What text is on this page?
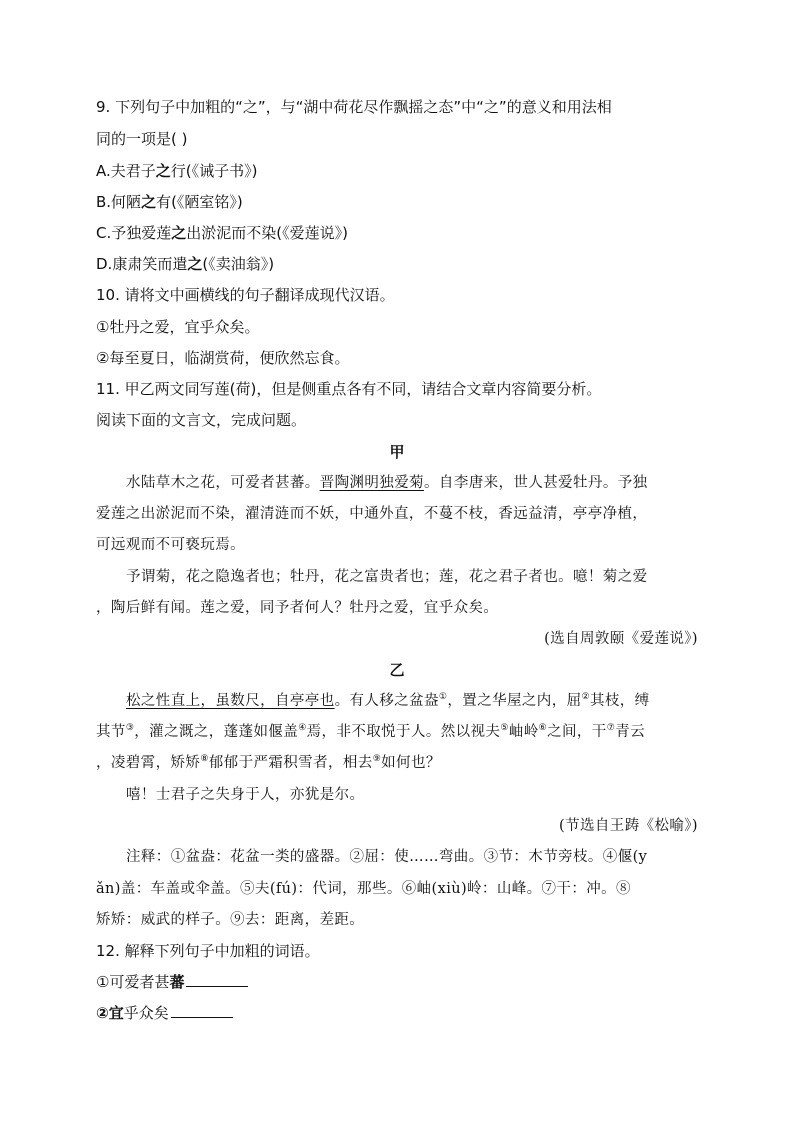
9. 下列句子中加粗的“之”，与“湖中荷花尽作飘摇之态”中“之”的意义和用法相
同的一项是( )
A.夫君子之行(《诫子书》)
B.何陋之有(《陋室铭》)
C.予独爱莲之出淤泥而不染(《爱莲说》)
D.康肃笑而遣之(《卖油翁》)
10. 请将文中画横线的句子翻译成现代汉语。
①牡丹之爱，宜乎众矣。
②每至夏日，临湖赏荷，便欣然忘食。
11. 甲乙两文同写莲(荷)，但是侧重点各有不同，请结合文章内容简要分析。
阅读下面的文言文，完成问题。
甲
水陆草木之花，可爱者甚蕃。晋陶渊明独爱菊。自李唐来，世人甚爱牡丹。予独
爱莲之出淤泥而不染，濯清涟而不妖，中通外直，不蔓不枝，香远益清，亭亭净植，
可远观而不可亵玩焉。
予谓菊，花之隐逸者也；牡丹，花之富贵者也；莲，花之君子者也。噫！菊之爱
，陶后鲜有闻。莲之爱，同予者何人？牡丹之爱，宜乎众矣。
(选自周敦颐《爱莲说》)
乙
松之性直上，虽数尺，自亭亭也。有人移之盆盎①，置之华屋之内，屈②其枝，缚
其节③，灌之溉之，蓬蓬如偃盖④焉，非不取悦于人。然以视夫⑤岫岭⑥之间，干⑦青云
，凌碧霄，矫矫⑧郁郁于严霜积雪者，相去⑨如何也？
嘻！士君子之失身于人，亦犹是尔。
(节选自王踌《松喻》)
注释：①盆盎：花盆一类的盛器。②屈：使……弯曲。③节：木节旁枝。④偃(y
ǎn)盖：车盖或伞盖。⑤夫(fú)：代词，那些。⑥岫(xiù)岭：山峰。⑦干：冲。⑧
矫矫：威武的样子。⑨去：距离，差距。
12. 解释下列句子中加粗的词语。
①可爱者甚蕃
②宜乎众矣
